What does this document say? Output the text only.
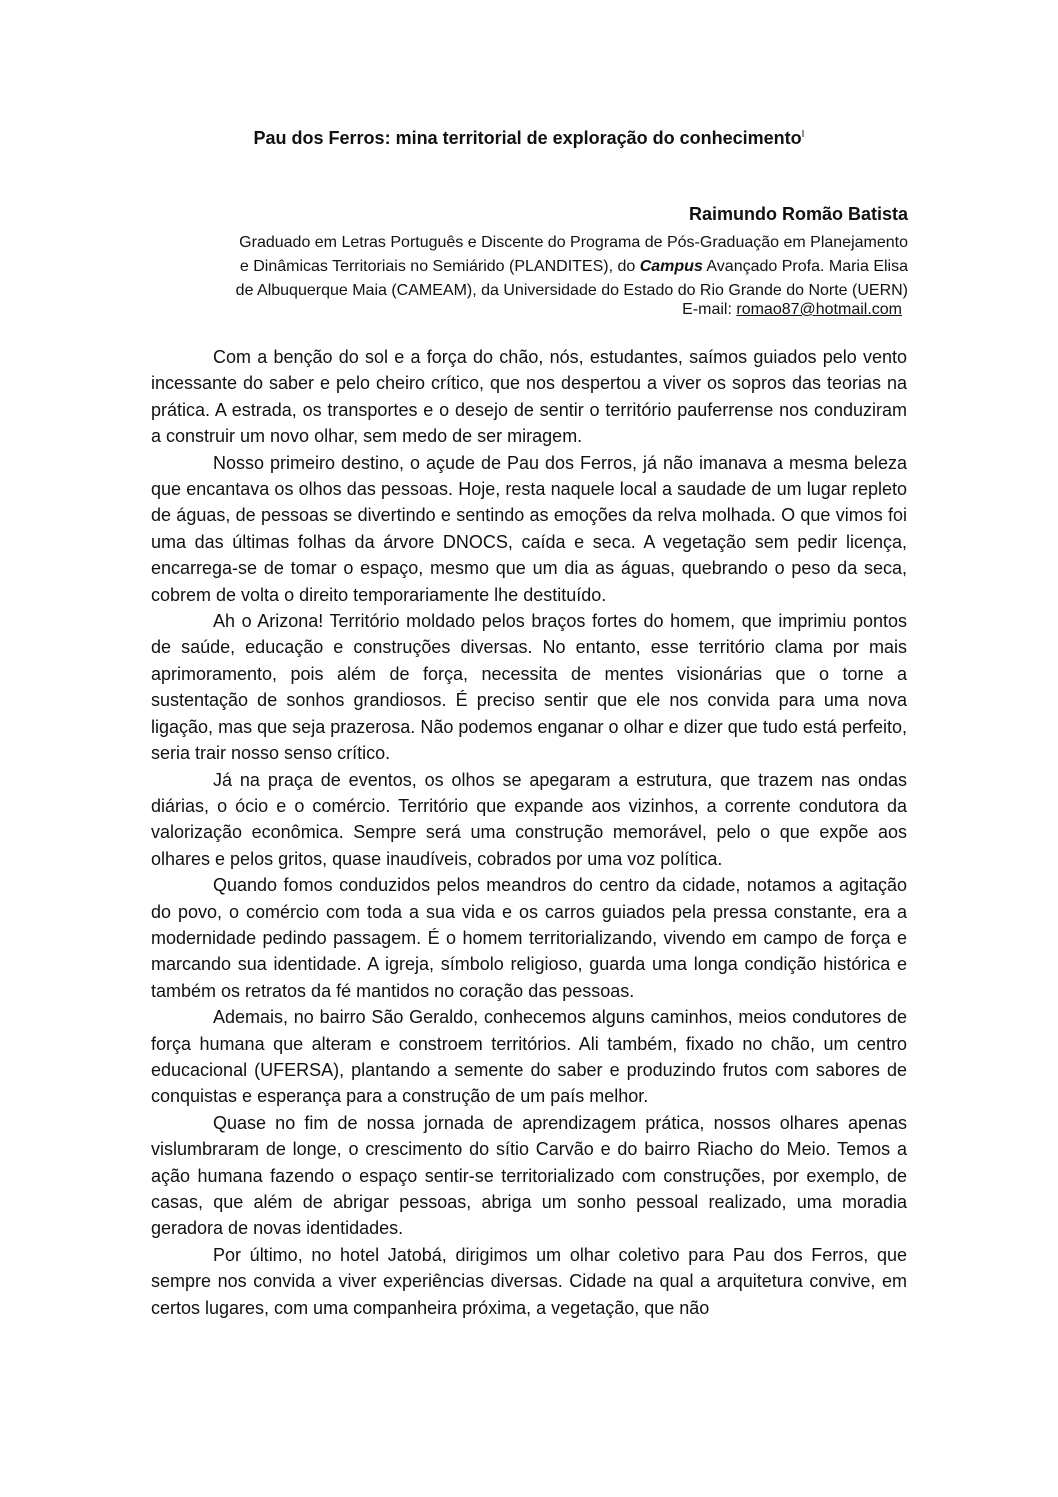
Pau dos Ferros: mina territorial de exploração do conhecimento$^I$
Raimundo Romão Batista
Graduado em Letras Português e Discente do Programa de Pós-Graduação em Planejamento
e Dinâmicas Territoriais no Semiárido (PLANDITES), do Campus Avançado Profa. Maria Elisa
de Albuquerque Maia (CAMEAM), da Universidade do Estado do Rio Grande do Norte (UERN)
E-mail: romao87@hotmail.com

Com a benção do sol e a força do chão, nós, estudantes, saímos guiados pelo vento incessante do saber e pelo cheiro crítico, que nos despertou a viver os sopros das teorias na prática. A estrada, os transportes e o desejo de sentir o território pauferrense nos conduziram a construir um novo olhar, sem medo de ser miragem.

Nosso primeiro destino, o açude de Pau dos Ferros, já não imanava a mesma beleza que encantava os olhos das pessoas. Hoje, resta naquele local a saudade de um lugar repleto de águas, de pessoas se divertindo e sentindo as emoções da relva molhada. O que vimos foi uma das últimas folhas da árvore DNOCS, caída e seca. A vegetação sem pedir licença, encarrega-se de tomar o espaço, mesmo que um dia as águas, quebrando o peso da seca, cobrem de volta o direito temporariamente lhe destituído.

Ah o Arizona! Território moldado pelos braços fortes do homem, que imprimiu pontos de saúde, educação e construções diversas. No entanto, esse território clama por mais aprimoramento, pois além de força, necessita de mentes visionárias que o torne a sustentação de sonhos grandiosos. É preciso sentir que ele nos convida para uma nova ligação, mas que seja prazerosa. Não podemos enganar o olhar e dizer que tudo está perfeito, seria trair nosso senso crítico.

Já na praça de eventos, os olhos se apegaram a estrutura, que trazem nas ondas diárias, o ócio e o comércio. Território que expande aos vizinhos, a corrente condutora da valorização econômica. Sempre será uma construção memorável, pelo o que expõe aos olhares e pelos gritos, quase inaudíveis, cobrados por uma voz política.

Quando fomos conduzidos pelos meandros do centro da cidade, notamos a agitação do povo, o comércio com toda a sua vida e os carros guiados pela pressa constante, era a modernidade pedindo passagem. É o homem territorializando, vivendo em campo de força e marcando sua identidade. A igreja, símbolo religioso, guarda uma longa condição histórica e também os retratos da fé mantidos no coração das pessoas.

Ademais, no bairro São Geraldo, conhecemos alguns caminhos, meios condutores de força humana que alteram e constroem territórios. Ali também, fixado no chão, um centro educacional (UFERSA), plantando a semente do saber e produzindo frutos com sabores de conquistas e esperança para a construção de um país melhor.

Quase no fim de nossa jornada de aprendizagem prática, nossos olhares apenas vislumbraram de longe, o crescimento do sítio Carvão e do bairro Riacho do Meio. Temos a ação humana fazendo o espaço sentir-se territorializado com construções, por exemplo, de casas, que além de abrigar pessoas, abriga um sonho pessoal realizado, uma moradia geradora de novas identidades.

Por último, no hotel Jatobá, dirigimos um olhar coletivo para Pau dos Ferros, que sempre nos convida a viver experiências diversas. Cidade na qual a arquitetura convive, em certos lugares, com uma companheira próxima, a vegetação, que não
